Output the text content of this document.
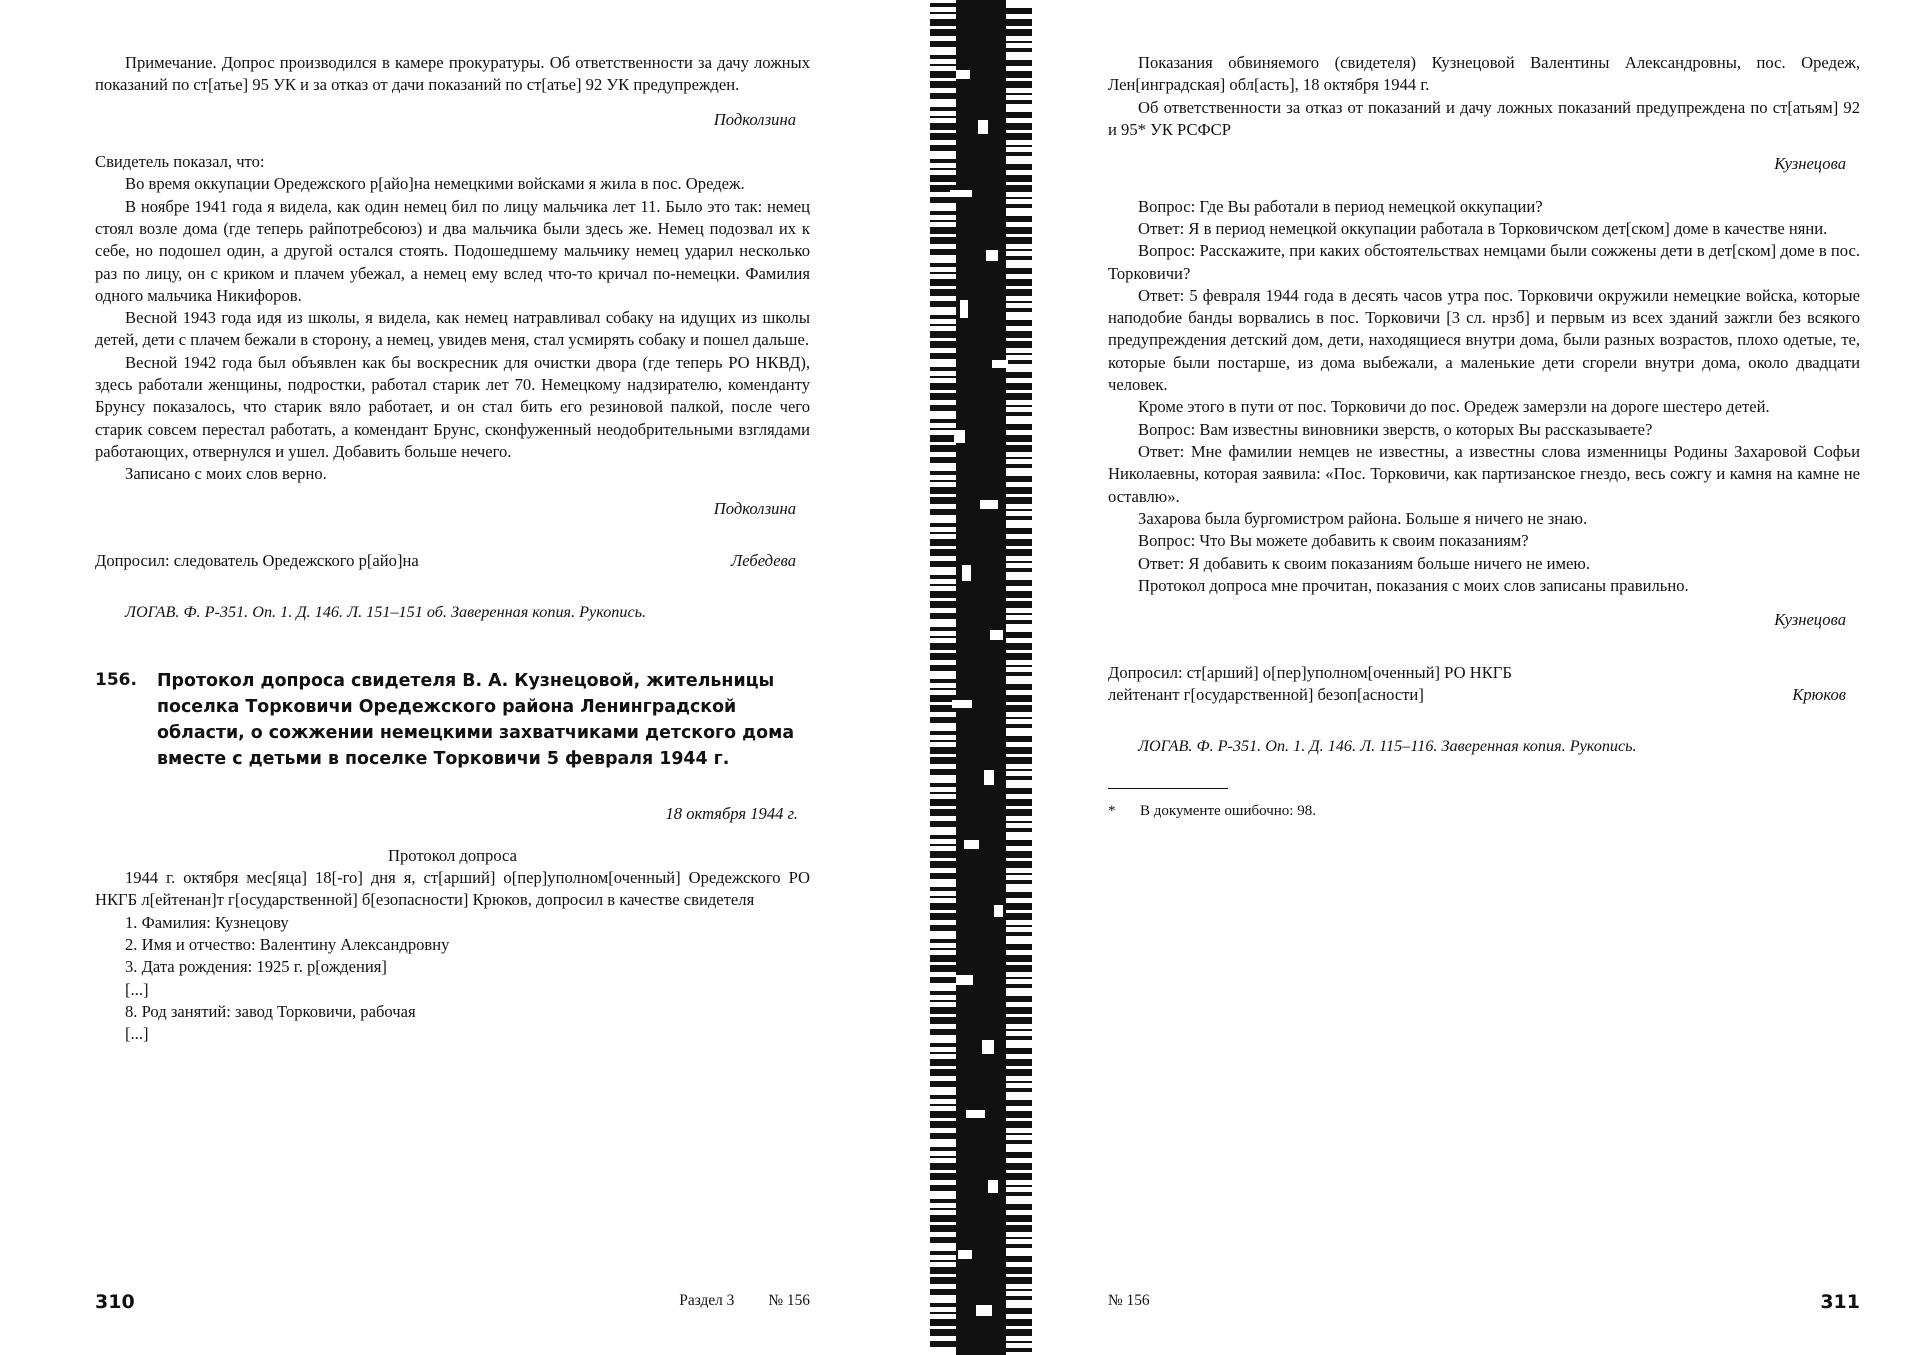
Примечание. Допрос производился в камере прокуратуры. Об ответственности за дачу ложных показаний по ст[атье] 95 УК и за отказ от дачи показаний по ст[атье] 92 УК предупрежден.

Подколзина

Свидетель показал, что:

Во время оккупации Оредежского р[айо]на немецкими войсками я жила в пос. Оредеж.

В ноябре 1941 года я видела, как один немец бил по лицу мальчика лет 11. Было это так: немец стоял возле дома (где теперь райпотребсоюз) и два мальчика были здесь же. Немец подозвал их к себе, но подошел один, а другой остался стоять. Подошедшему мальчику немец ударил несколько раз по лицу, он с криком и плачем убежал, а немец ему вслед что-то кричал по-немецки. Фамилия одного мальчика Никифоров.

Весной 1943 года идя из школы, я видела, как немец натравливал собаку на идущих из школы детей, дети с плачем бежали в сторону, а немец, увидев меня, стал усмирять собаку и пошел дальше.

Весной 1942 года был объявлен как бы воскресник для очистки двора (где теперь РО НКВД), здесь работали женщины, подростки, работал старик лет 70. Немецкому надзирателю, коменданту Брунсу показалось, что старик вяло работает, и он стал бить его резиновой палкой, после чего старик совсем перестал работать, а комендант Брунс, сконфуженный неодобрительными взглядами работающих, отвернулся и ушел. Добавить больше нечего.

Записано с моих слов верно.

Подколзина

Допросил: следователь Оредежского р[айо]на	Лебедева

ЛОГАВ. Ф. Р-351. Оп. 1. Д. 146. Л. 151–151 об. Заверенная копия. Рукопись.

156. Протокол допроса свидетеля В. А. Кузнецовой, жительницы поселка Торковичи Оредежского района Ленинградской области, о сожжении немецкими захватчиками детского дома вместе с детьми в поселке Торковичи 5 февраля 1944 г.

18 октября 1944 г.

Протокол допроса

1944 г. октября мес[яца] 18[-го] дня я, ст[арший] о[пер]уполном[оченный] Оредежского РО НКГБ л[ейтенан]т г[осударственной] б[езопасности] Крюков, допросил в качестве свидетеля

1. Фамилия: Кузнецову

2. Имя и отчество: Валентину Александровну

3. Дата рождения: 1925 г. р[ождения]

[...]

8. Род занятий: завод Торковичи, рабочая

[...]

310	Раздел 3 № 156

Показания обвиняемого (свидетеля) Кузнецовой Валентины Александровны, пос. Оредеж, Лен[инградская] обл[асть], 18 октября 1944 г.

Об ответственности за отказ от показаний и дачу ложных показаний предупреждена по ст[атьям] 92 и 95* УК РСФСР

Кузнецова

Вопрос: Где Вы работали в период немецкой оккупации?

Ответ: Я в период немецкой оккупации работала в Торковичском дет[ском] доме в качестве няни.

Вопрос: Расскажите, при каких обстоятельствах немцами были сожжены дети в дет[ском] доме в пос. Торковичи?

Ответ: 5 февраля 1944 года в десять часов утра пос. Торковичи окружили немецкие войска, которые наподобие банды ворвались в пос. Торковичи [3 сл. нрзб] и первым из всех зданий зажгли без всякого предупреждения детский дом, дети, находящиеся внутри дома, были разных возрастов, плохо одетые, те, которые были постарше, из дома выбежали, а маленькие дети сгорели внутри дома, около двадцати человек.

Кроме этого в пути от пос. Торковичи до пос. Оредеж замерзли на дороге шестеро детей.

Вопрос: Вам известны виновники зверств, о которых Вы рассказываете?

Ответ: Мне фамилии немцев не известны, а известны слова изменницы Родины Захаровой Софьи Николаевны, которая заявила: «Пос. Торковичи, как партизанское гнездо, весь сожгу и камня на камне не оставлю».

Захарова была бургомистром района. Больше я ничего не знаю.

Вопрос: Что Вы можете добавить к своим показаниям?

Ответ: Я добавить к своим показаниям больше ничего не имею.

Протокол допроса мне прочитан, показания с моих слов записаны правильно.

Кузнецова

Допросил: ст[арший] о[пер]уполном[оченный] РО НКГБ
лейтенант г[осударственной] безоп[асности]	Крюков

ЛОГАВ. Ф. Р-351. Оп. 1. Д. 146. Л. 115–116. Заверенная копия. Рукопись.

* В документе ошибочно: 98.
311
№ 156
